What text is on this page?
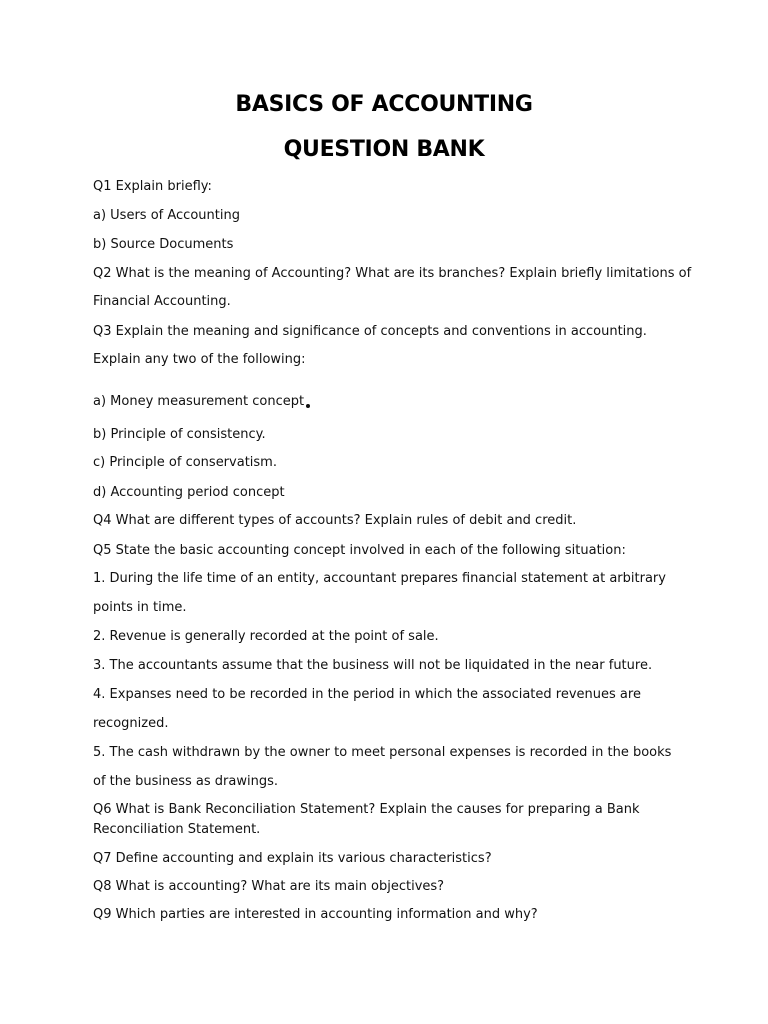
BASICS OF ACCOUNTING
QUESTION BANK
Q1 Explain briefly:
a) Users of Accounting
b) Source Documents
Q2 What is the meaning of Accounting? What are its branches? Explain briefly limitations of
Financial Accounting.
Q3 Explain the meaning and significance of concepts and conventions in accounting.
Explain any two of the following:
a) Money measurement concept
b) Principle of consistency.
c) Principle of conservatism.
d) Accounting period concept
Q4 What are different types of accounts? Explain rules of debit and credit.
Q5 State the basic accounting concept involved in each of the following situation:
1. During the life time of an entity, accountant prepares financial statement at arbitrary
points in time.
2. Revenue is generally recorded at the point of sale.
3. The accountants assume that the business will not be liquidated in the near future.
4. Expanses need to be recorded in the period in which the associated revenues are
recognized.
5. The cash withdrawn by the owner to meet personal expenses is recorded in the books
of the business as drawings.
Q6 What is Bank Reconciliation Statement? Explain the causes for preparing a Bank
Reconciliation Statement.
Q7 Define accounting and explain its various characteristics?
Q8 What is accounting? What are its main objectives?
Q9 Which parties are interested in accounting information and why?
